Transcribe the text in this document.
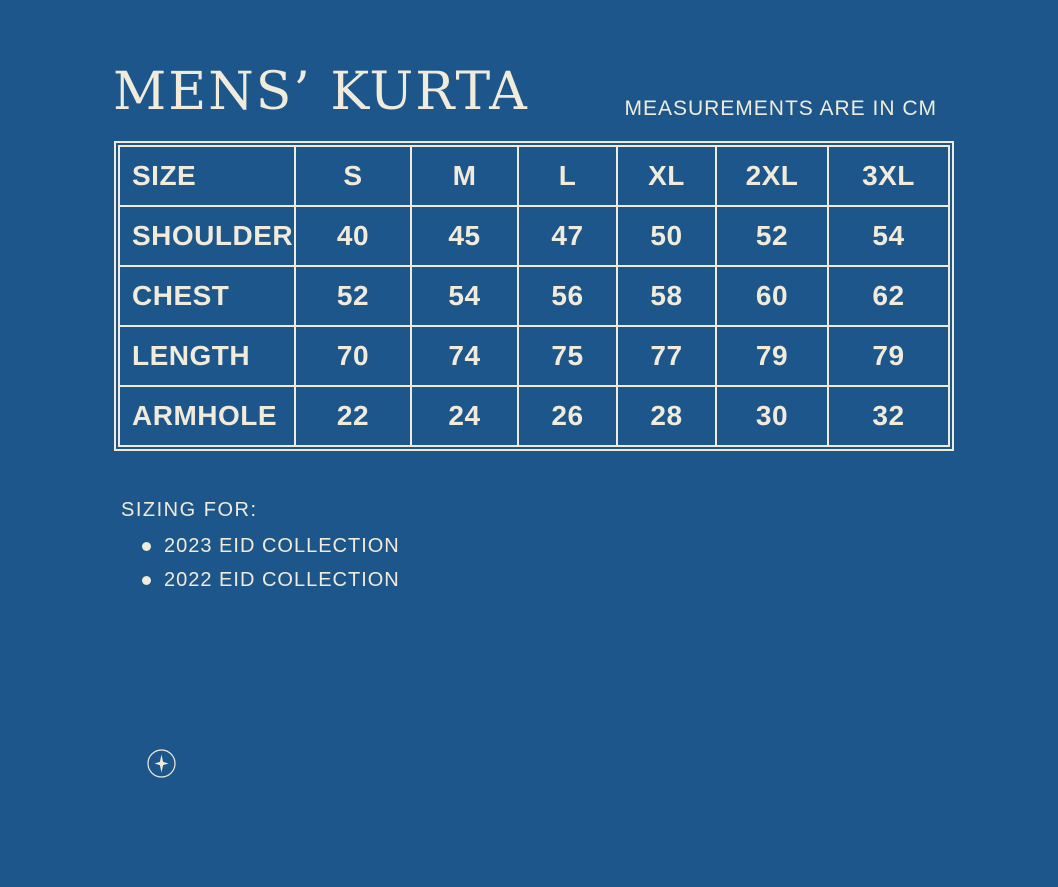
MENS’ KURTA	MEASUREMENTS ARE IN CM
SIZE	S	M	L	XL	2XL	3XL
SHOULDER	40	45	47	50	52	54
CHEST	52	54	56	58	60	62
LENGTH	70	74	75	77	79	79
ARMHOLE	22	24	26	28	30	32
SIZING FOR:
2023 EID COLLECTION
2022 EID COLLECTION
